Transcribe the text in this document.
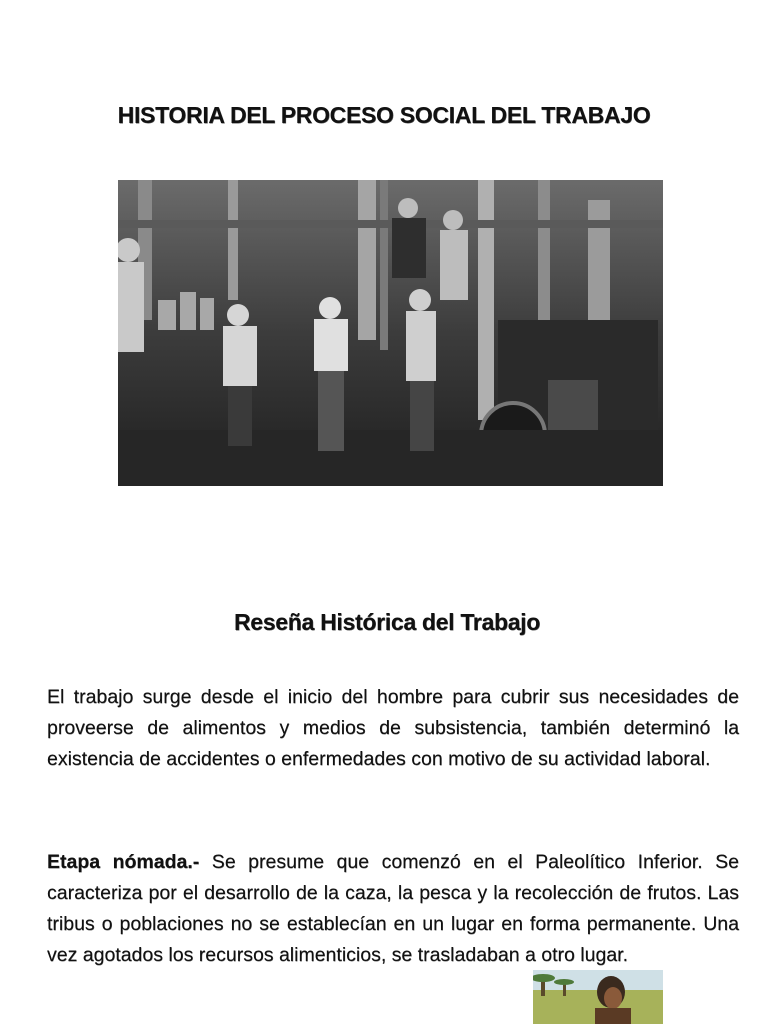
HISTORIA DEL PROCESO SOCIAL DEL TRABAJO
Reseña Histórica del Trabajo

El trabajo surge desde el inicio del hombre para cubrir sus necesidades de proveerse de alimentos y medios de subsistencia, también determinó la existencia de accidentes o enfermedades con motivo de su actividad laboral.

Etapa nómada.- Se presume que comenzó en el Paleolítico Inferior. Se caracteriza por el desarrollo de la caza, la pesca y la recolección de frutos. Las tribus o poblaciones no se establecían en un lugar en forma permanente. Una vez agotados los recursos alimenticios, se trasladaban a otro lugar.
